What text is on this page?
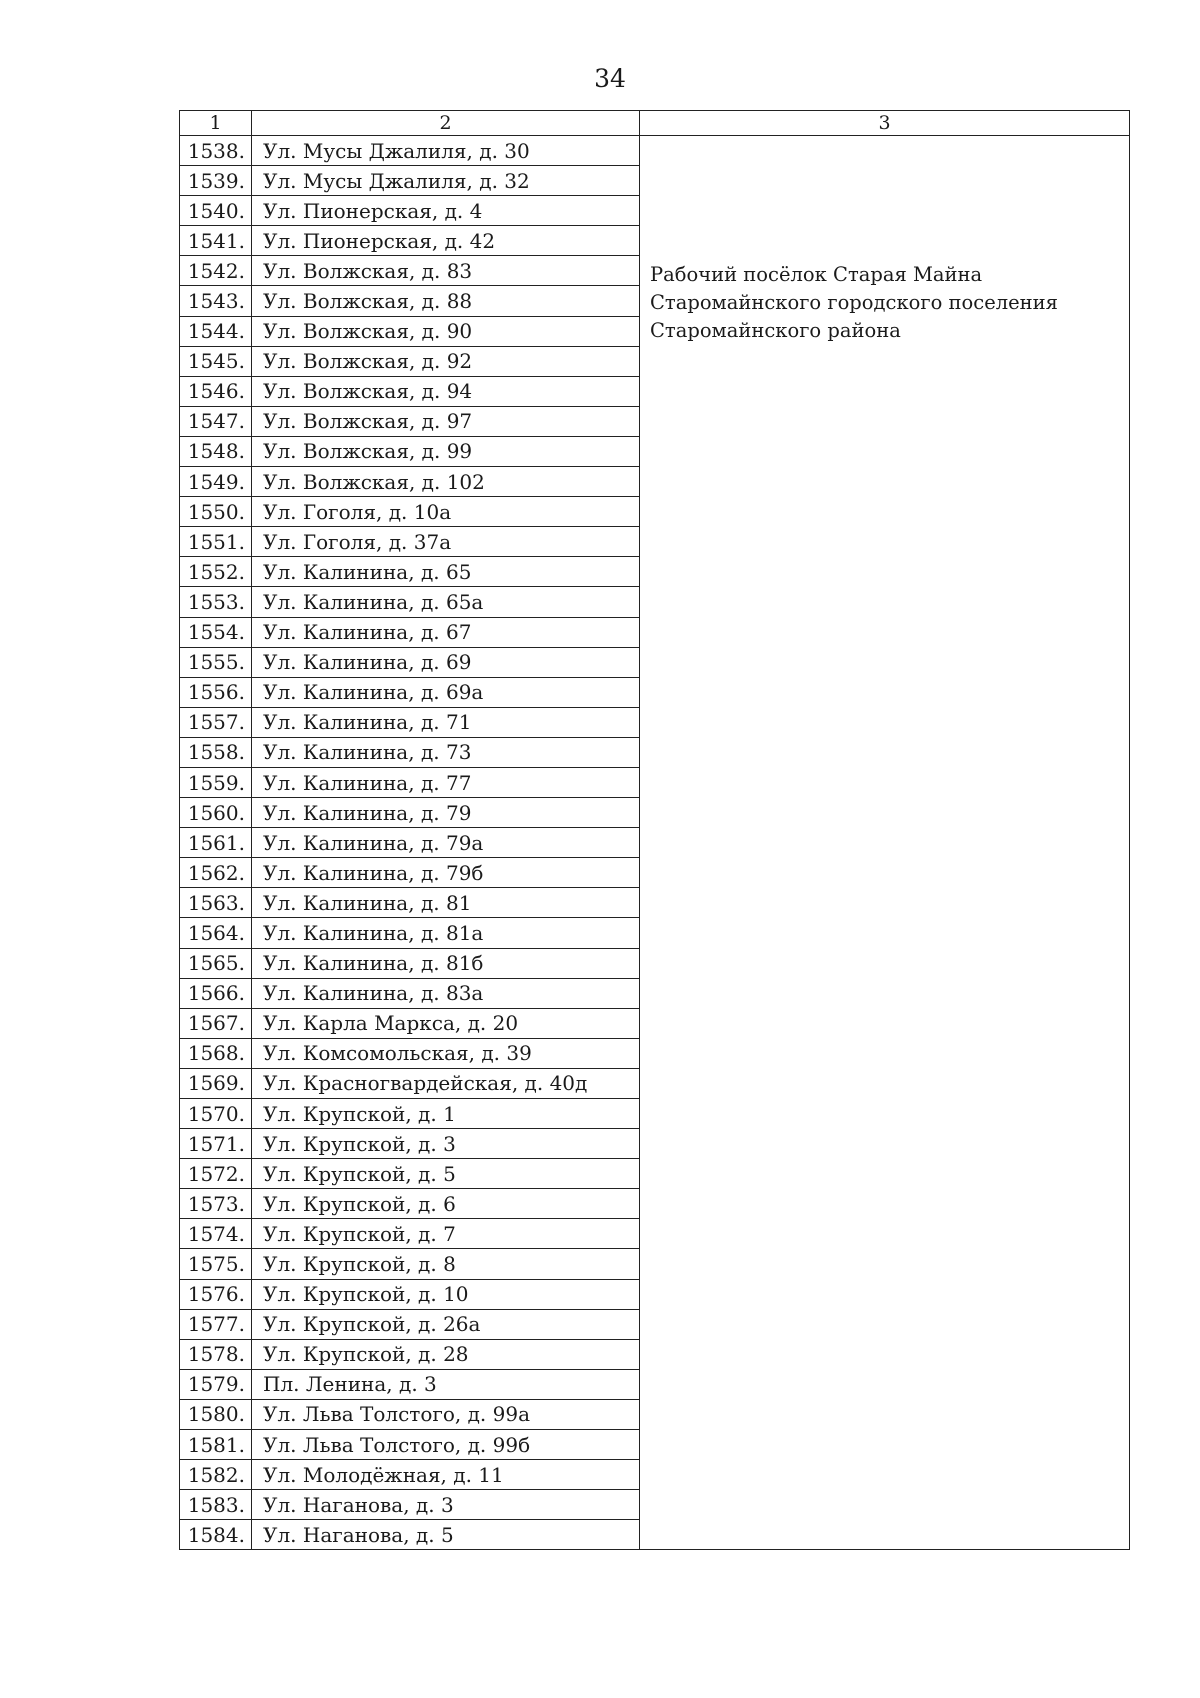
34
1	2	3
1538.	Ул. Мусы Джалиля, д. 30	
1539.	Ул. Мусы Джалиля, д. 32	
1540.	Ул. Пионерская, д. 4	
1541.	Ул. Пионерская, д. 42	
1542.	Ул. Волжская, д. 83	Рабочий посёлок Старая Майна Старомайнского городского поселения Старомайнского района

1543.	Ул. Волжская, д. 88	
1544.	Ул. Волжская, д. 90	
1545.	Ул. Волжская, д. 92	
1546.	Ул. Волжская, д. 94	
1547.	Ул. Волжская, д. 97	
1548.	Ул. Волжская, д. 99	
1549.	Ул. Волжская, д. 102	
1550.	Ул. Гоголя, д. 10а	
1551.	Ул. Гоголя, д. 37а	
1552.	Ул. Калинина, д. 65	
1553.	Ул. Калинина, д. 65а	
1554.	Ул. Калинина, д. 67	
1555.	Ул. Калинина, д. 69	
1556.	Ул. Калинина, д. 69а	
1557.	Ул. Калинина, д. 71	
1558.	Ул. Калинина, д. 73	
1559.	Ул. Калинина, д. 77	
1560.	Ул. Калинина, д. 79	
1561.	Ул. Калинина, д. 79а	
1562.	Ул. Калинина, д. 79б	
1563.	Ул. Калинина, д. 81	
1564.	Ул. Калинина, д. 81а	
1565.	Ул. Калинина, д. 81б	
1566.	Ул. Калинина, д. 83а	
1567.	Ул. Карла Маркса, д. 20	
1568.	Ул. Комсомольская, д. 39	
1569.	Ул. Красногвардейская, д. 40д	
1570.	Ул. Крупской, д. 1	
1571.	Ул. Крупской, д. 3	
1572.	Ул. Крупской, д. 5	
1573.	Ул. Крупской, д. 6	
1574.	Ул. Крупской, д. 7	
1575.	Ул. Крупской, д. 8	
1576.	Ул. Крупской, д. 10	
1577.	Ул. Крупской, д. 26а	
1578.	Ул. Крупской, д. 28	
1579.	Пл. Ленина, д. 3	
1580.	Ул. Льва Толстого, д. 99а	
1581.	Ул. Льва Толстого, д. 99б	
1582.	Ул. Молодёжная, д. 11	
1583.	Ул. Наганова, д. 3	
1584.	Ул. Наганова, д. 5	
